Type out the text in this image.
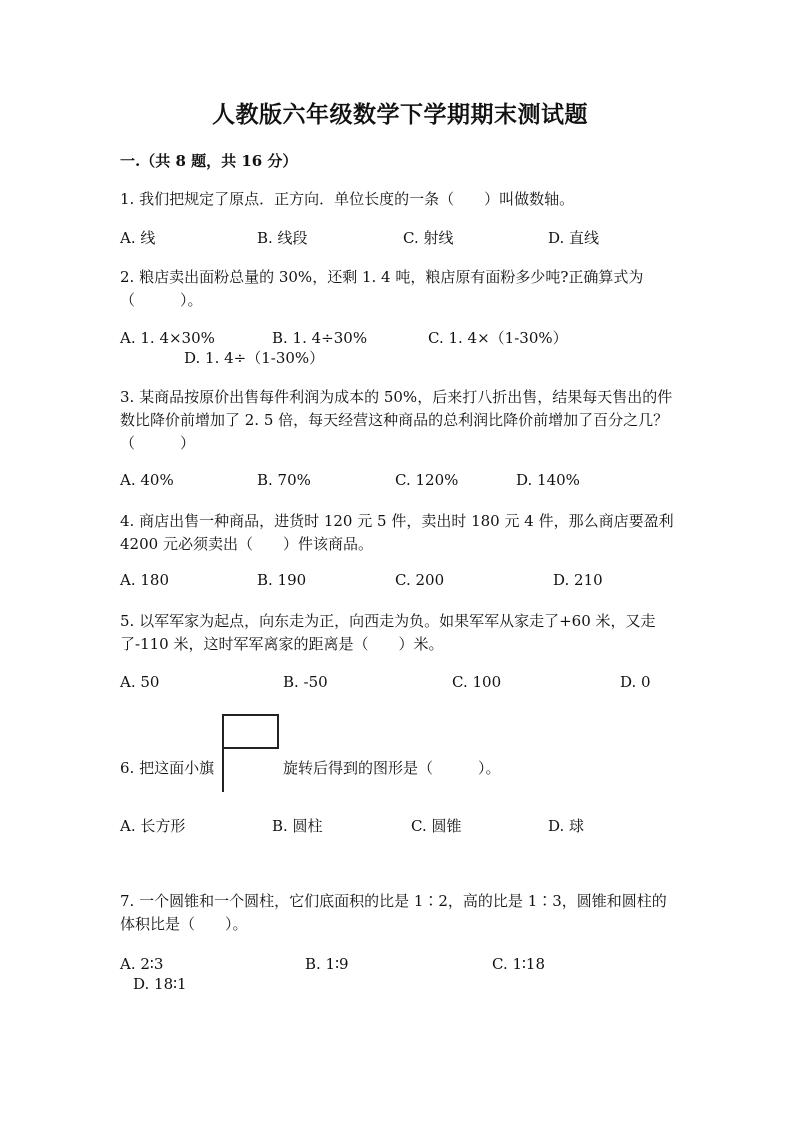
人教版六年级数学下学期期末测试题
一.（共 8 题，共 16 分）
1. 我们把规定了原点．正方向．单位长度的一条（　　）叫做数轴。
A. 线	B. 线段	C. 射线	D. 直线
2. 粮店卖出面粉总量的 30%，还剩 1. 4 吨，粮店原有面粉多少吨?正确算式为（　　　）。
A. 1. 4×30%	B. 1. 4÷30%	C. 1. 4×（1-30%）
D. 1. 4÷（1-30%）
3. 某商品按原价出售每件利润为成本的 50%，后来打八折出售，结果每天售出的件数比降价前增加了 2. 5 倍，每天经营这种商品的总利润比降价前增加了百分之几？（　　　）
A. 40%	B. 70%	C. 120%	D. 140%
4. 商店出售一种商品，进货时 120 元 5 件，卖出时 180 元 4 件，那么商店要盈利 4200 元必须卖出（　　）件该商品。
A. 180	B. 190	C. 200	D. 210
5. 以军军家为起点，向东走为正，向西走为负。如果军军从家走了+60 米，又走了-110 米，这时军军离家的距离是（　　）米。
A. 50	B. -50	C. 100	D. 0
6. 把这面小旗	旋转后得到的图形是（　　　）。
A. 长方形	B. 圆柱	C. 圆锥	D. 球
7. 一个圆锥和一个圆柱，它们底面积的比是 1∶2，高的比是 1∶3，圆锥和圆柱的体积比是（　　）。
A. 2∶3	B. 1∶9	C. 1∶18
D. 18∶1
